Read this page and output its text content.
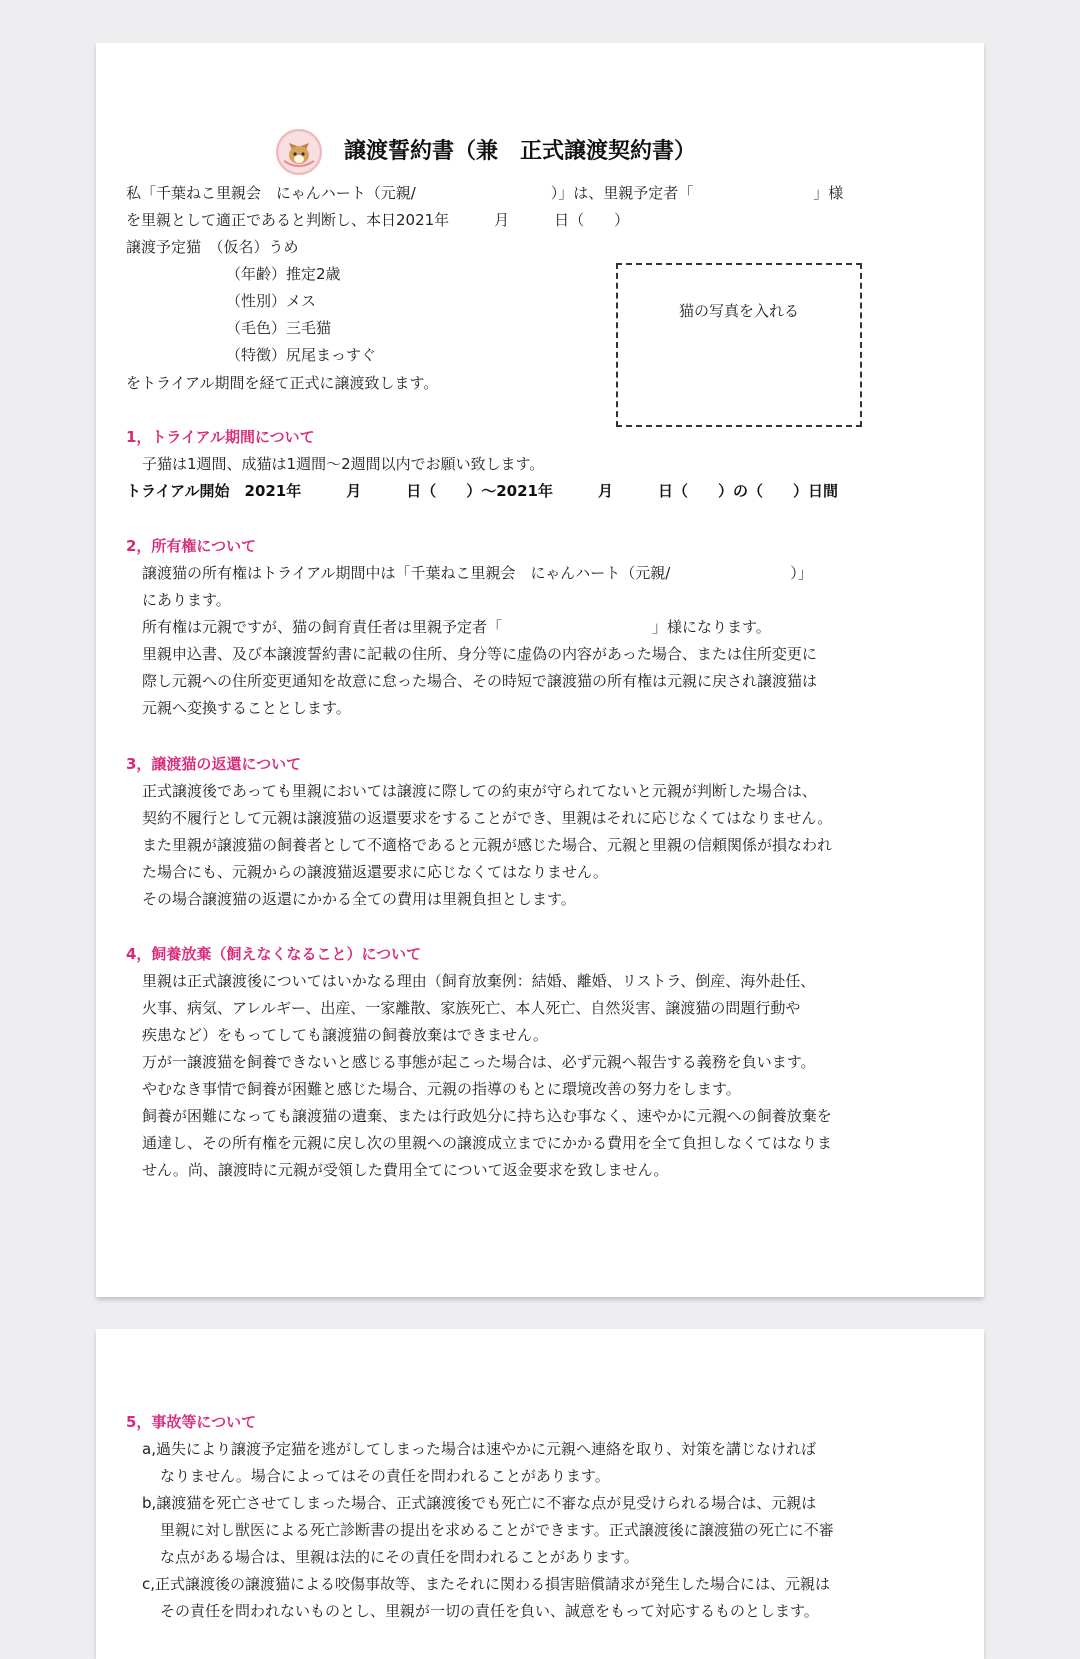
譲渡誓約書（兼　正式譲渡契約書）
私「千葉ねこ里親会　にゃんハート（元親/　　　　　　　　　）」は、里親予定者「　　　　　　　　」様
を里親として適正であると判断し、本日2021年　　　月　　　日（　　）
譲渡予定猫　（仮名）うめ
（年齢）推定2歳
（性別）メス
（毛色）三毛猫
（特徴）尻尾まっすぐ
をトライアル期間を経て正式に譲渡致します。
猫の写真を入れる
1，トライアル期間について
子猫は1週間、成猫は1週間〜2週間以内でお願い致します。
トライアル開始　2021年　　　月　　　日（　　）〜2021年　　　月　　　日（　　）の（　　）日間
2，所有権について
譲渡猫の所有権はトライアル期間中は「千葉ねこ里親会　にゃんハート（元親/　　　　　　　　）」
にあります。
所有権は元親ですが、猫の飼育責任者は里親予定者「　　　　　　　　　　」様になります。
里親申込書、及び本譲渡誓約書に記載の住所、身分等に虚偽の内容があった場合、または住所変更に
際し元親への住所変更通知を故意に怠った場合、その時短で譲渡猫の所有権は元親に戻され譲渡猫は
元親へ変換することとします。
3，譲渡猫の返還について
正式譲渡後であっても里親においては譲渡に際しての約束が守られてないと元親が判断した場合は、
契約不履行として元親は譲渡猫の返還要求をすることができ、里親はそれに応じなくてはなりません。
また里親が譲渡猫の飼養者として不適格であると元親が感じた場合、元親と里親の信頼関係が損なわれ
た場合にも、元親からの譲渡猫返還要求に応じなくてはなりません。
その場合譲渡猫の返還にかかる全ての費用は里親負担とします。
4，飼養放棄（飼えなくなること）について
里親は正式譲渡後についてはいかなる理由（飼育放棄例：結婚、離婚、リストラ、倒産、海外赴任、
火事、病気、アレルギー、出産、一家離散、家族死亡、本人死亡、自然災害、譲渡猫の問題行動や
疾患など）をもってしても譲渡猫の飼養放棄はできません。
万が一譲渡猫を飼養できないと感じる事態が起こった場合は、必ず元親へ報告する義務を負います。
やむなき事情で飼養が困難と感じた場合、元親の指導のもとに環境改善の努力をします。
飼養が困難になっても譲渡猫の遺棄、または行政処分に持ち込む事なく、速やかに元親への飼養放棄を
通達し、その所有権を元親に戻し次の里親への譲渡成立までにかかる費用を全て負担しなくてはなりま
せん。尚、譲渡時に元親が受領した費用全てについて返金要求を致しません。
5，事故等について
a,過失により譲渡予定猫を逃がしてしまった場合は速やかに元親へ連絡を取り、対策を講じなければ
なりません。場合によってはその責任を問われることがあります。
b,譲渡猫を死亡させてしまった場合、正式譲渡後でも死亡に不審な点が見受けられる場合は、元親は
里親に対し獣医による死亡診断書の提出を求めることができます。正式譲渡後に譲渡猫の死亡に不審
な点がある場合は、里親は法的にその責任を問われることがあります。
c,正式譲渡後の譲渡猫による咬傷事故等、またそれに関わる損害賠償請求が発生した場合には、元親は
その責任を問われないものとし、里親が一切の責任を負い、誠意をもって対応するものとします。
